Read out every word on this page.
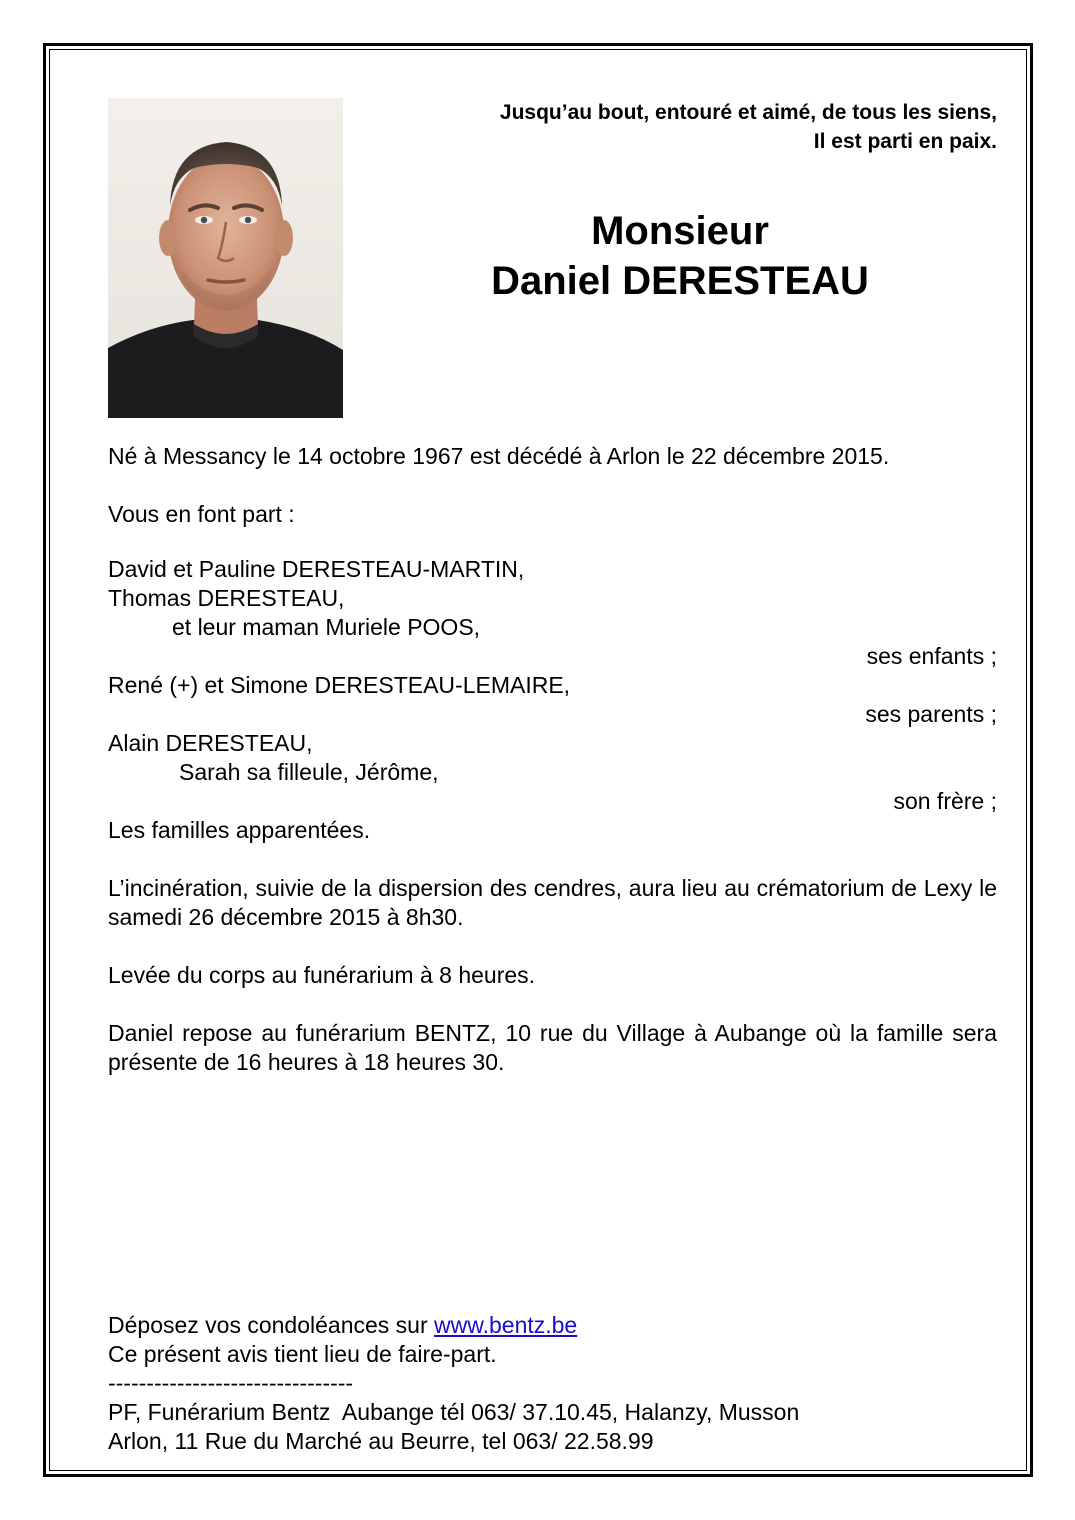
Jusqu’au bout, entouré et aimé, de tous les siens,
Il est parti en paix.
Monsieur
Daniel DERESTEAU
Né à Messancy le 14 octobre 1967 est décédé à Arlon le 22 décembre 2015.
Vous en font part :
David et Pauline DERESTEAU-MARTIN,
Thomas DERESTEAU,
et leur maman Muriele POOS,
ses enfants ;
René (+) et Simone DERESTEAU-LEMAIRE,
ses parents ;
Alain DERESTEAU,
Sarah sa filleule, Jérôme,
son frère ;
Les familles apparentées.
L’incinération, suivie de la dispersion des cendres, aura lieu au crématorium de Lexy le samedi 26 décembre 2015 à 8h30.
Levée du corps au funérarium à 8 heures.
Daniel repose au funérarium BENTZ, 10 rue du Village à Aubange où la famille sera présente de 16 heures à 18 heures 30.
Déposez vos condoléances sur www.bentz.be
Ce présent avis tient lieu de faire-part.
--------------------------------
PF, Funérarium Bentz  Aubange tél 063/ 37.10.45, Halanzy, Musson
Arlon, 11 Rue du Marché au Beurre, tel 063/ 22.58.99
